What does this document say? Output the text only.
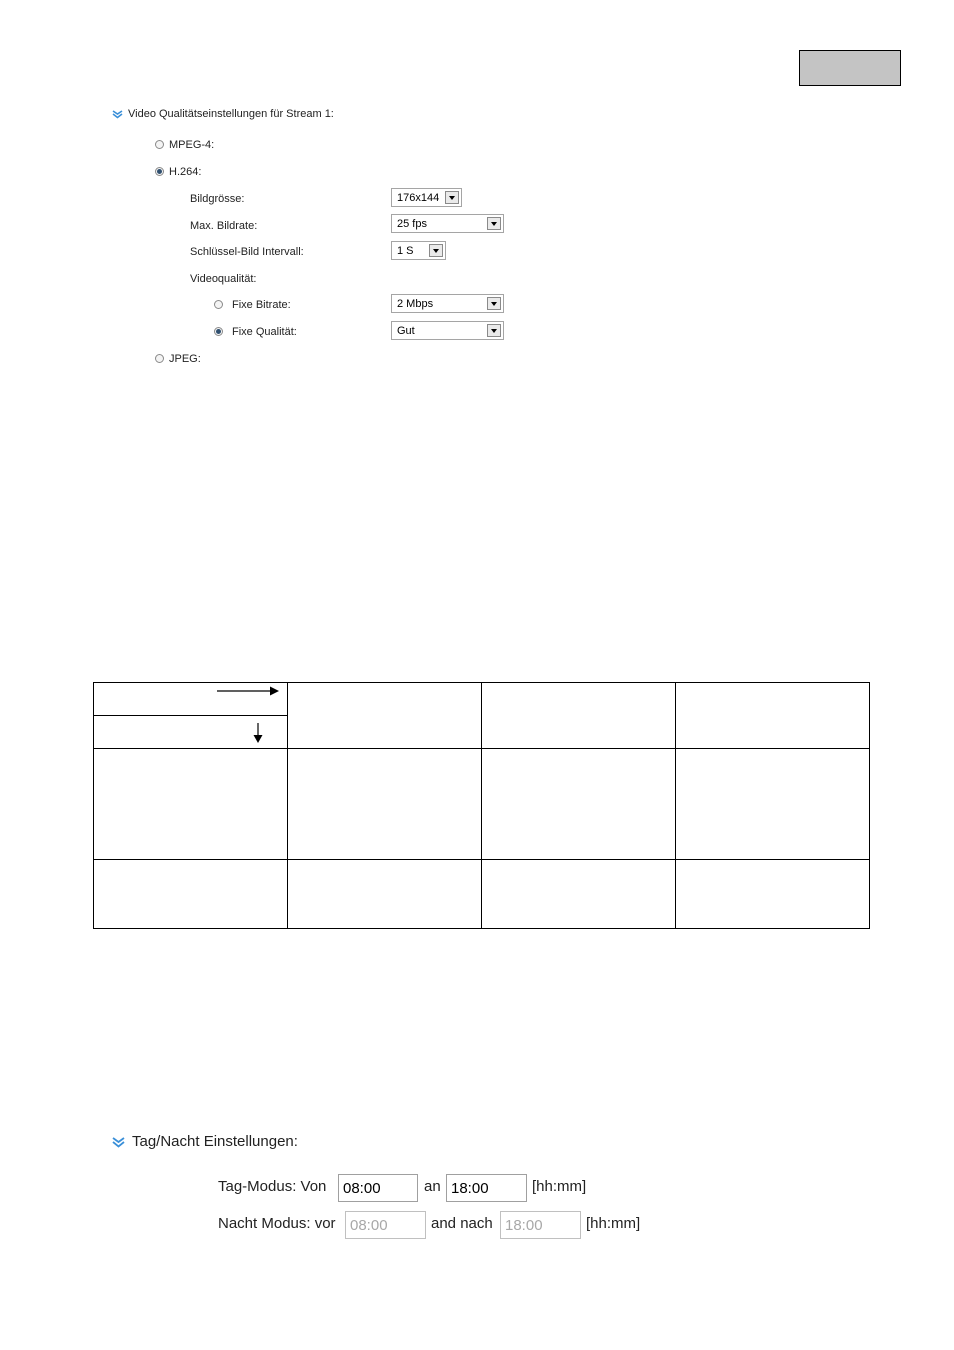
Video Qualitätseinstellungen für Stream 1:
MPEG-4:
H.264:
Bildgrösse:	176x144
Max. Bildrate:	25 fps
Schlüssel-Bild Intervall:	1 S
Videoqualität:
Fixe Bitrate:	2 Mbps
Fixe Qualität:	Gut
JPEG:
Tag/Nacht Einstellungen:
Tag-Modus: Von 08:00	an 18:00	[hh:mm]
Nacht Modus: vor 08:00	and nach 18:00	[hh:mm]
